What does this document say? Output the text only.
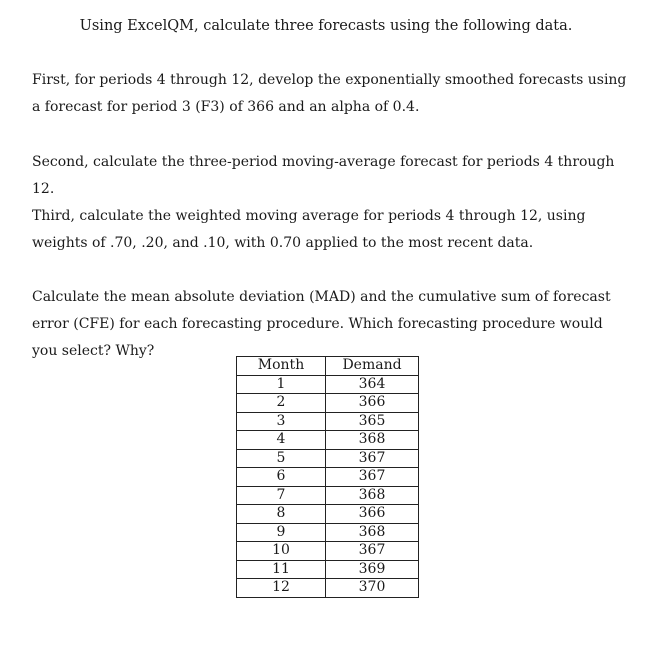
Using ExcelQM, calculate three forecasts using the following data.

First, for periods 4 through 12, develop the exponentially smoothed forecasts using a forecast for period 3 (F3) of 366 and an alpha of 0.4.

Second, calculate the three-period moving-average forecast for periods 4 through 12.

Third, calculate the weighted moving average for periods 4 through 12, using weights of .70, .20, and .10, with 0.70 applied to the most recent data.

Calculate the mean absolute deviation (MAD) and the cumulative sum of forecast error (CFE) for each forecasting procedure. Which forecasting procedure would you select? Why?

Month	Demand
1	364
2	366
3	365
4	368
5	367
6	367
7	368
8	366
9	368
10	367
11	369
12	370
